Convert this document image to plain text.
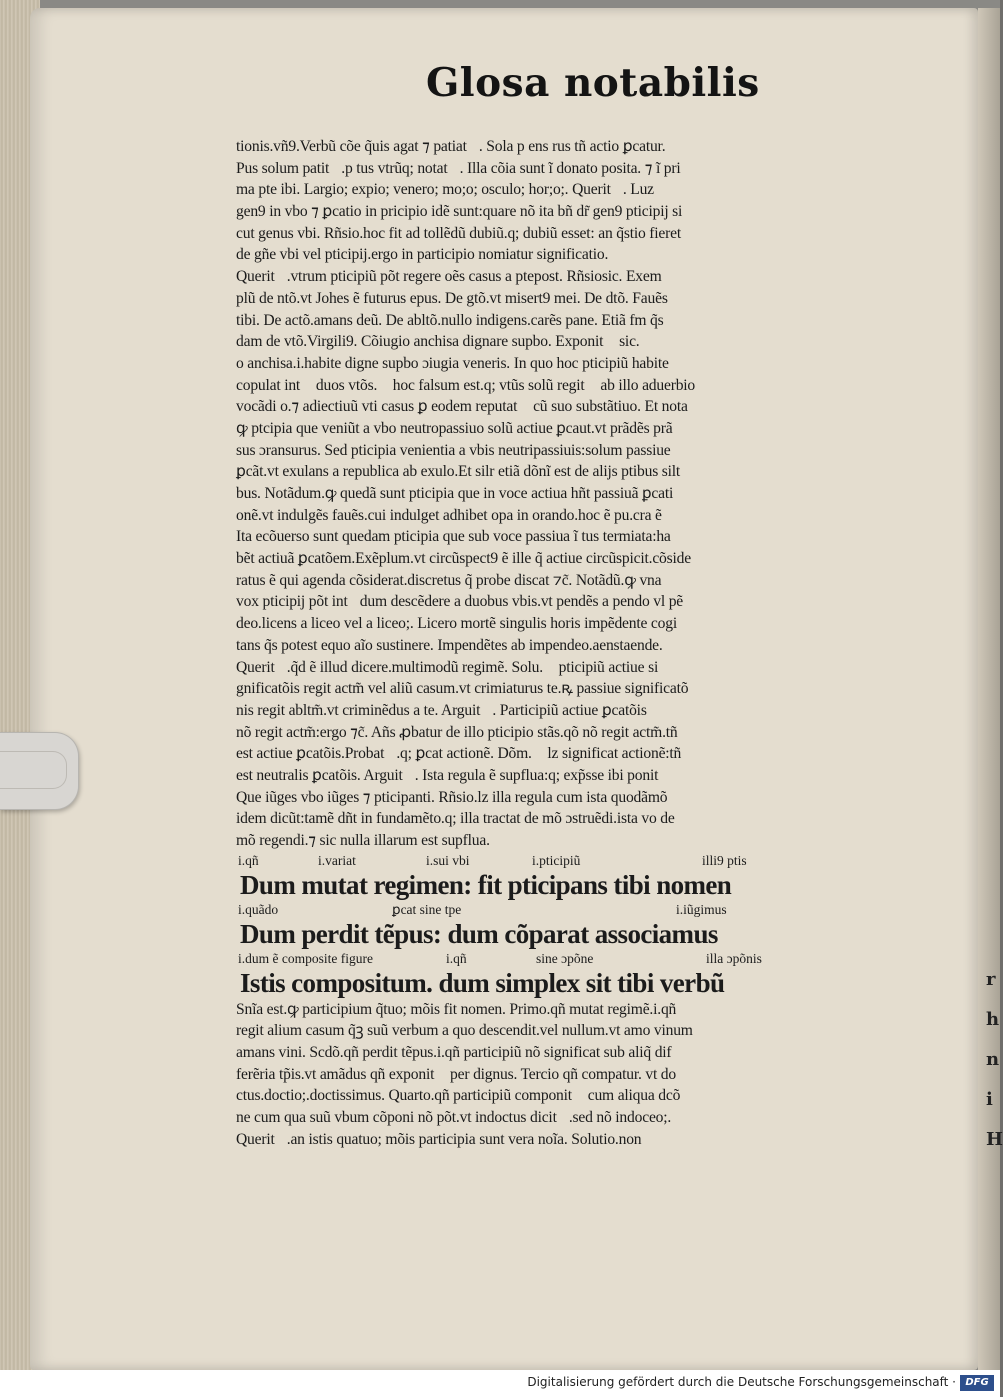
r
h
n
i
H
Glosa notabilis
tionis.vñ9.Verbũ cõe q̃uis agat ⁊ patiat᷑. Sola p ens rus tñ actio ꝑcatur.
Pus solum patit᷑.p tus vtrũq; notat᷑. Illa cõia sunt ĩ donato posita. ⁊ ĩ pri
ma pte ibi. Largio; expio; venero; mo;o; osculo; hor;o;. Querit᷑. Luz
gen9 in vbo ⁊ ꝑcatio in pricipio idẽ sunt:quare nõ ita bñ dr̃ gen9 pticipij si
cut genus vbi. Rñsio.hoc fit ad tollẽdũ dubiũ.q; dubiũ esset: an q̃stio fieret
de gñe vbi vel pticipij.ergo in participio nomiatur significatio.
Querit᷑.vtrum pticipiũ põt regere oẽs casus a ptepost. Rñsiosic. Exem
plũ de ntõ.vt Johes ẽ futurus epus. De gtõ.vt misert9 mei. De dtõ. Fauẽs
tibi. De actõ.amans deũ. De abltõ.nullo indigens.carẽs pane. Etiã fm q̃s
dam de vtõ.Virgili9. Cõiugio anchisa dignare supbo. Exponit᷑ sic.
o anchisa.i.habite digne supbo ɔiugia veneris. In quo hoc pticipiũ habite
copulat int᷑ duos vtõs.ꝶ hoc falsum est.q; vtũs solũ regit᷑ ab illo aduerbio
vocãdi o.⁊ adiectiuũ vti casus ꝑ eodem reputat᷑ cũ suo substãtiuo. Et nota
ꝙ ptcipia que veniũt a vbo neutropassiuo solũ actiue ꝑcaut.vt prãdẽs prã
sus ɔransurus. Sed pticipia venientia a vbis neutripassiuis:solum passiue
ꝑcãt.vt exulans a republica ab exulo.Et silr etiã dõnĩ est de alijs ptibus silt
bus. Notãdum.ꝙ quedã sunt pticipia que in voce actiua hñt passiuã ꝑcati
onẽ.vt indulgẽs fauẽs.cui indulget adhibet opa in orando.hoc ẽ pu.cra ẽ
Ita ecõuerso sunt quedam pticipia que sub voce passiua ĩ tus termiata:ha
bẽt actiuã ꝑcatõem.Exẽplum.vt circũspect9 ẽ ille q̃ actiue circũspicit.cõside
ratus ẽ qui agenda cõsiderat.discretus q̃ probe discat ⁊c̃. Notãdũ.ꝙ vna
vox pticipij põt int᷑dum descẽdere a duobus vbis.vt pendẽs a pendo vl pẽ
deo.licens a liceo vel a liceo;. Licero mortẽ singulis horis impẽdente cogi
tans q̃s potest equo aĩo sustinere. Impendẽtes ab impendeo.aenstaende.
Querit᷑.q̃d ẽ illud dicere.multimodũ regimẽ. Solu.ꝙ pticipiũ actiue si
gnificatõis regit actm̃ vel aliũ casum.vt crimiaturus te.ꝶ passiue significatõ
nis regit abltm̃.vt criminẽdus a te. Arguit᷑. Participiũ actiue ꝑcatõis
nõ regit actm̃:ergo ⁊c̃. Añs ꝓbatur de illo pticipio stãs.qõ nõ regit actm̃.tñ
est actiue ꝑcatõis.Probat᷑.q; ꝑcat actionẽ. Dõm.ꝙ lz significat actionẽ:tñ
est neutralis ꝑcatõis. Arguit᷑. Ista regula ẽ supflua:q; exp̃sse ibi ponit᷑
Que iũges vbo iũges ⁊ pticipanti. Rñsio.lz illa regula cum ista quodãmõ
idem dicũt:tamẽ dñt in fundamẽto.q; illa tractat de mõ ɔstruẽdi.ista vo de
mõ regendi.⁊ sic nulla illarum est supflua.
i.qñ	i.variat	i.sui vbi	i.pticipiũ	illi9 ptis
Dum mutat regimen: fit pticipans tibi nomen
i.quãdo	ꝑcat sine tpe	i.iũgimus
Dum perdit tẽpus: dum cõparat associamus
i.dum ẽ composite figure	i.qñ	sine ɔpõne	illa ɔpõnis
Istis compositum. dum simplex sit tibi verbũ
Snĩa est.ꝙ participium q̃tuo; mõis fit nomen. Primo.qñ mutat regimẽ.i.qñ
regit alium casum q̃ꝫ suũ verbum a quo descendit.vel nullum.vt amo vinum
amans vini. Scdõ.qñ perdit tẽpus.i.qñ participiũ nõ significat sub aliq̃ dif
ferẽria tp̃is.vt amãdus qñ exponit᷑ per dignus. Tercio qñ compatur. vt do
ctus.doctio;.doctissimus. Quarto.qñ participiũ componit᷑ cum aliqua dcõ
ne cum qua suũ vbum cõponi nõ põt.vt indoctus dicit᷑.sed nõ indoceo;.
Querit᷑.an istis quatuo; mõis participia sunt vera noĩa. Solutio.non
Digitalisierung gefördert durch die Deutsche Forschungsgemeinschaft · DFG
